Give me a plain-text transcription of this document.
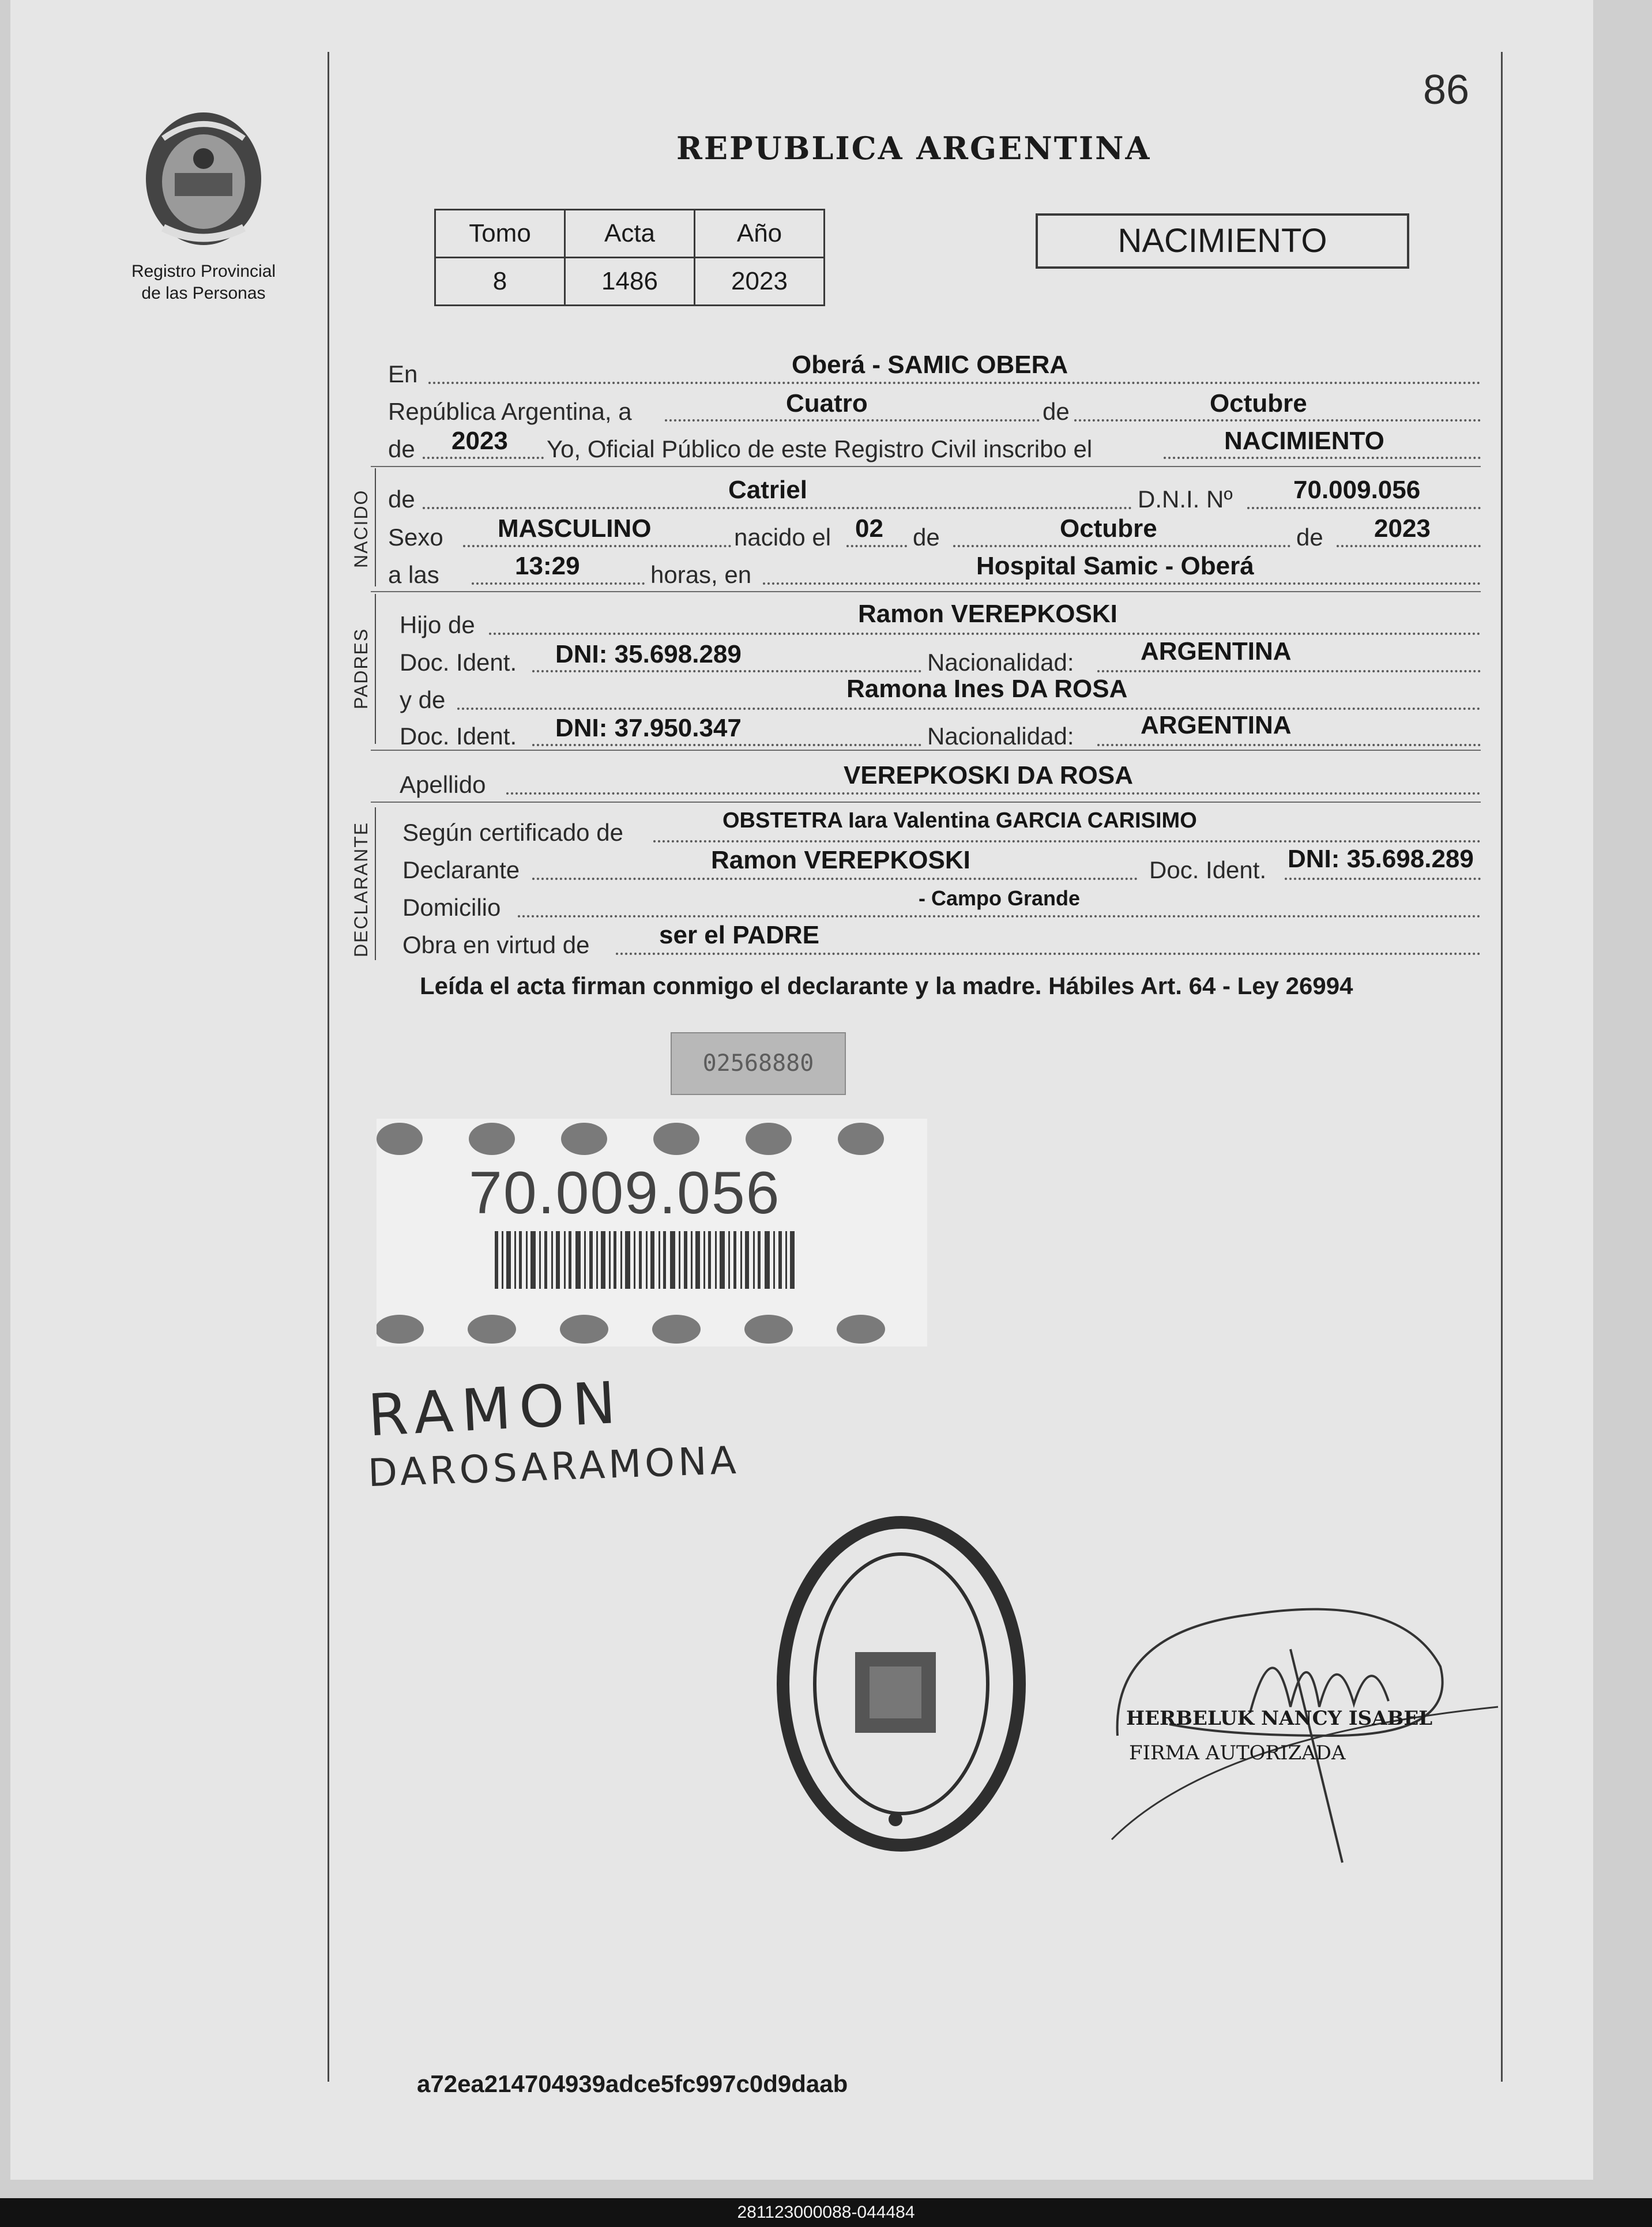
86
REPUBLICA ARGENTINA
Registro Provincial
de las Personas
Tomo	Acta	Año
8	1486	2023
NACIMIENTO
En	Oberá - SAMIC OBERA
República Argentina, a	Cuatro	de	Octubre
de 2023 Yo, Oficial Público de este Registro Civil inscribo el	NACIMIENTO
NACIDO de	Catriel	D.N.I. Nº 70.009.056
Sexo MASCULINO	nacido el 02 de	Octubre	de 2023
a las	13:29	horas, en	Hospital Samic - Oberá
PADRES
Hijo de	Ramon VEREPKOSKI
Doc. Ident. DNI: 35.698.289	Nacionalidad:	ARGENTINA
y de	Ramona Ines DA ROSA
Doc. Ident. DNI: 37.950.347	Nacionalidad:	ARGENTINA
Apellido	VEREPKOSKI DA ROSA
DECLARANTE Según certificado de	OBSTETRA Iara Valentina GARCIA CARISIMO
Declarante	Ramon VEREPKOSKI	Doc. Ident. DNI: 35.698.289
Domicilio	- Campo Grande
Obra en virtud de	ser el PADRE
Leída el acta firman conmigo el declarante y la madre. Hábiles Art. 64 - Ley 26994
02568880
70.009.056
RAMON
DAROSARAMONA
HERBELUK NANCY ISABEL
FIRMA AUTORIZADA
a72ea214704939adce5fc997c0d9daab
281123000088-044484
